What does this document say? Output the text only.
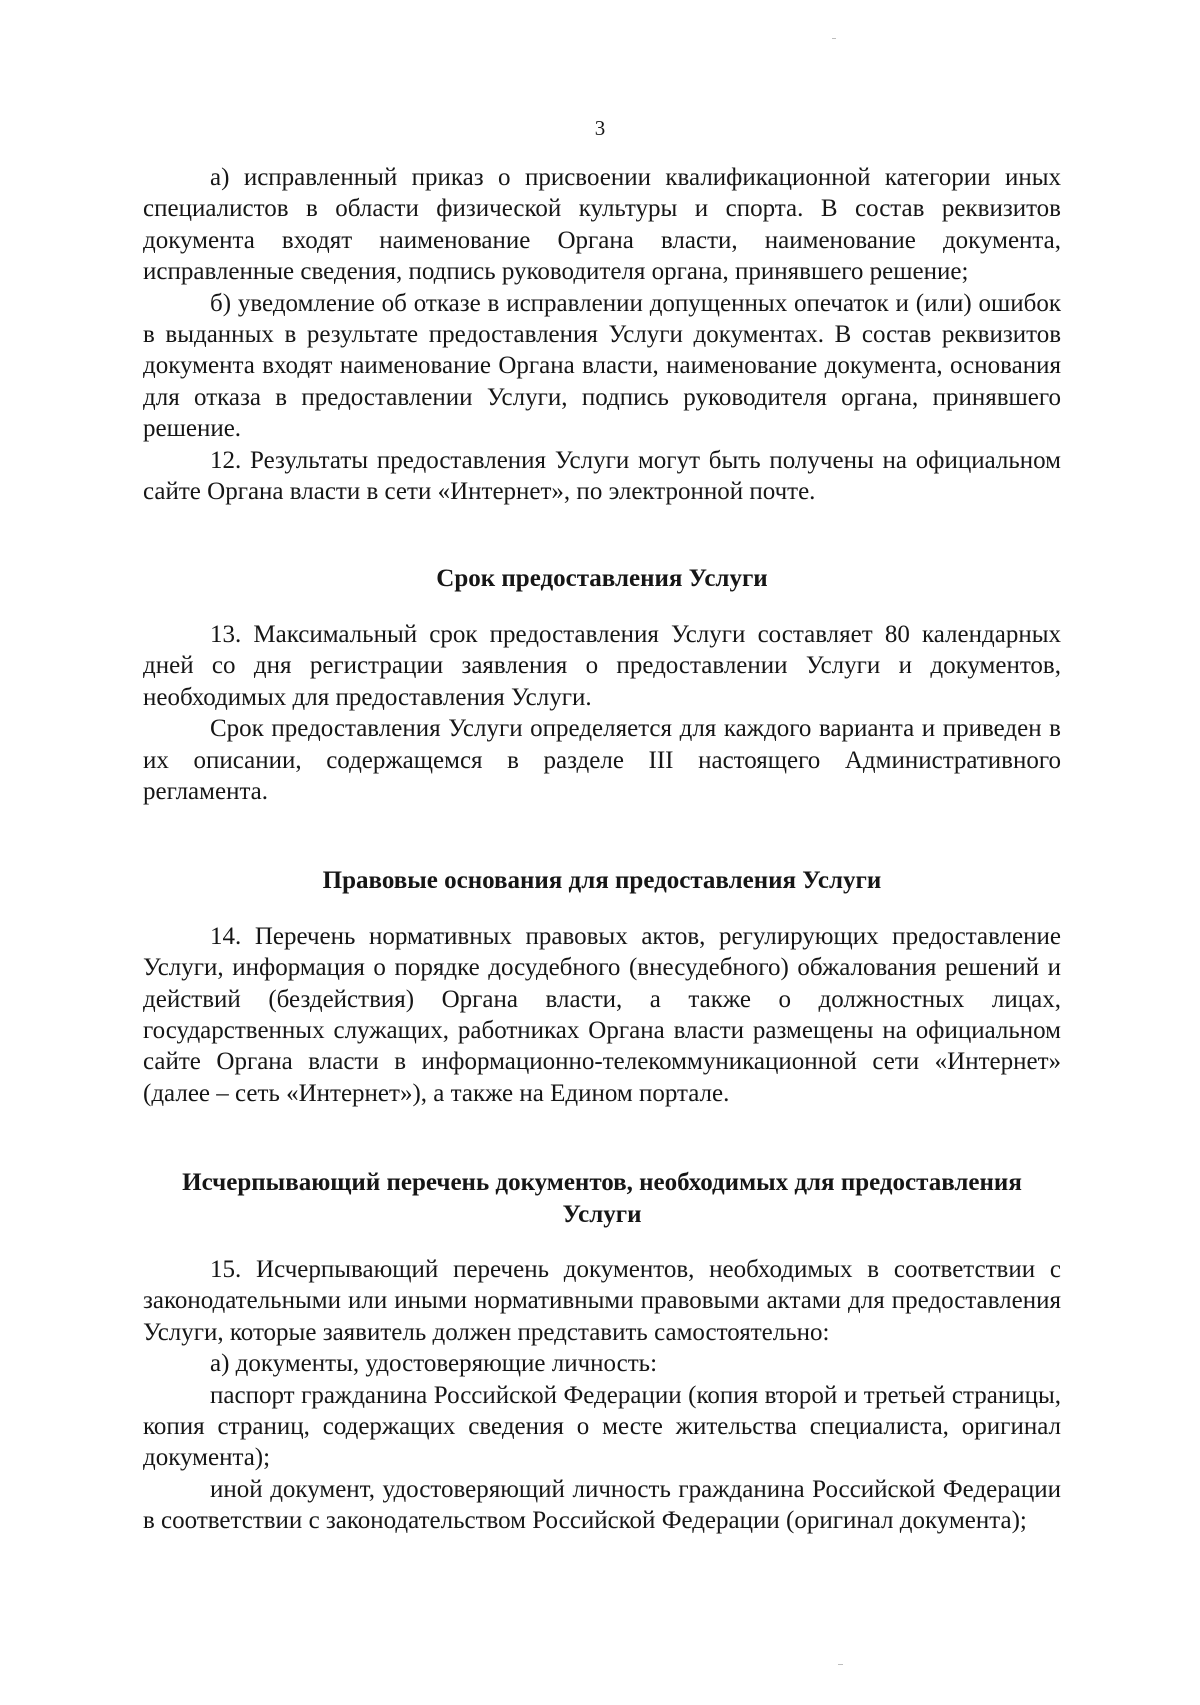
3

а) исправленный приказ о присвоении квалификационной категории иных специалистов в области физической культуры и спорта. В состав реквизитов документа входят наименование Органа власти, наименование документа, исправленные сведения, подпись руководителя органа, принявшего решение;

б) уведомление об отказе в исправлении допущенных опечаток и (или) ошибок в выданных в результате предоставления Услуги документах. В состав реквизитов документа входят наименование Органа власти, наименование документа, основания для отказа в предоставлении Услуги, подпись руководителя органа, принявшего решение.

12. Результаты предоставления Услуги могут быть получены на официальном сайте Органа власти в сети «Интернет», по электронной почте.

Срок предоставления Услуги

13. Максимальный срок предоставления Услуги составляет 80 календарных дней со дня регистрации заявления о предоставлении Услуги и документов, необходимых для предоставления Услуги.

Срок предоставления Услуги определяется для каждого варианта и приведен в их описании, содержащемся в разделе III настоящего Административного регламента.

Правовые основания для предоставления Услуги

14. Перечень нормативных правовых актов, регулирующих предоставление Услуги, информация о порядке досудебного (внесудебного) обжалования решений и действий (бездействия) Органа власти, а также о должностных лицах, государственных служащих, работниках Органа власти размещены на официальном сайте Органа власти в информационно-телекоммуникационной сети «Интернет» (далее – сеть «Интернет»), а также на Едином портале.

Исчерпывающий перечень документов, необходимых для предоставления Услуги

15. Исчерпывающий перечень документов, необходимых в соответствии с законодательными или иными нормативными правовыми актами для предоставления Услуги, которые заявитель должен представить самостоятельно:

а) документы, удостоверяющие личность:

паспорт гражданина Российской Федерации (копия второй и третьей страницы, копия страниц, содержащих сведения о месте жительства специалиста, оригинал документа);

иной документ, удостоверяющий личность гражданина Российской Федерации в соответствии с законодательством Российской Федерации (оригинал документа);
